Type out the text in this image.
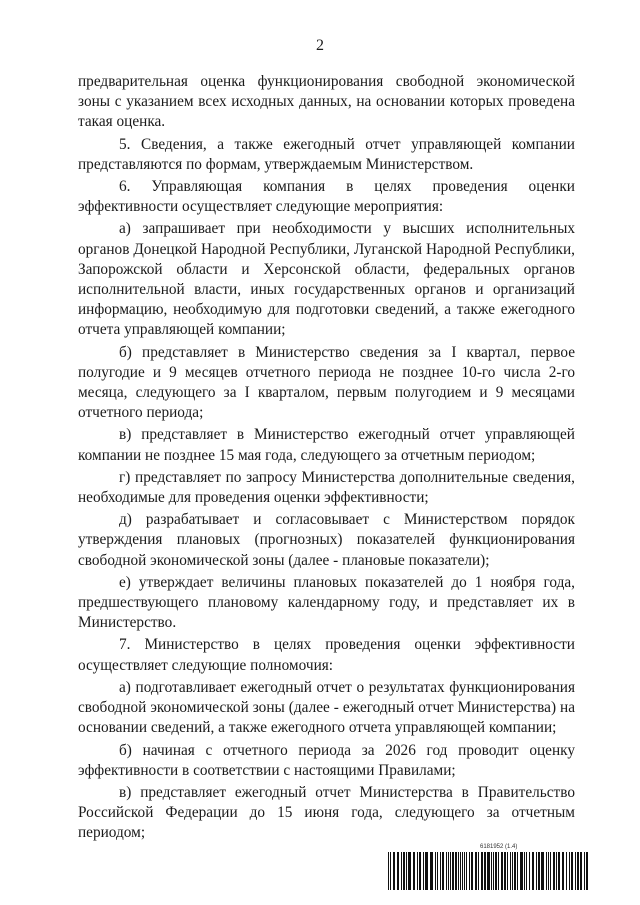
2

предварительная оценка функционирования свободной экономической зоны с указанием всех исходных данных, на основании которых проведена такая оценка.

5. Сведения, а также ежегодный отчет управляющей компании представляются по формам, утверждаемым Министерством.

6. Управляющая компания в целях проведения оценки эффективности осуществляет следующие мероприятия:

а) запрашивает при необходимости у высших исполнительных органов Донецкой Народной Республики, Луганской Народной Республики, Запорожской области и Херсонской области, федеральных органов исполнительной власти, иных государственных органов и организаций информацию, необходимую для подготовки сведений, а также ежегодного отчета управляющей компании;

б) представляет в Министерство сведения за I квартал, первое полугодие и 9 месяцев отчетного периода не позднее 10-го числа 2-го месяца, следующего за I кварталом, первым полугодием и 9 месяцами отчетного периода;

в) представляет в Министерство ежегодный отчет управляющей компании не позднее 15 мая года, следующего за отчетным периодом;

г) представляет по запросу Министерства дополнительные сведения, необходимые для проведения оценки эффективности;

д) разрабатывает и согласовывает с Министерством порядок утверждения плановых (прогнозных) показателей функционирования свободной экономической зоны (далее - плановые показатели);

е) утверждает величины плановых показателей до 1 ноября года, предшествующего плановому календарному году, и представляет их в Министерство.

7. Министерство в целях проведения оценки эффективности осуществляет следующие полномочия:

а) подготавливает ежегодный отчет о результатах функционирования свободной экономической зоны (далее - ежегодный отчет Министерства) на основании сведений, а также ежегодного отчета управляющей компании;

б) начиная с отчетного периода за 2026 год проводит оценку эффективности в соответствии с настоящими Правилами;

в) представляет ежегодный отчет Министерства в Правительство Российской Федерации до 15 июня года, следующего за отчетным периодом;

6181952 (1.4)
